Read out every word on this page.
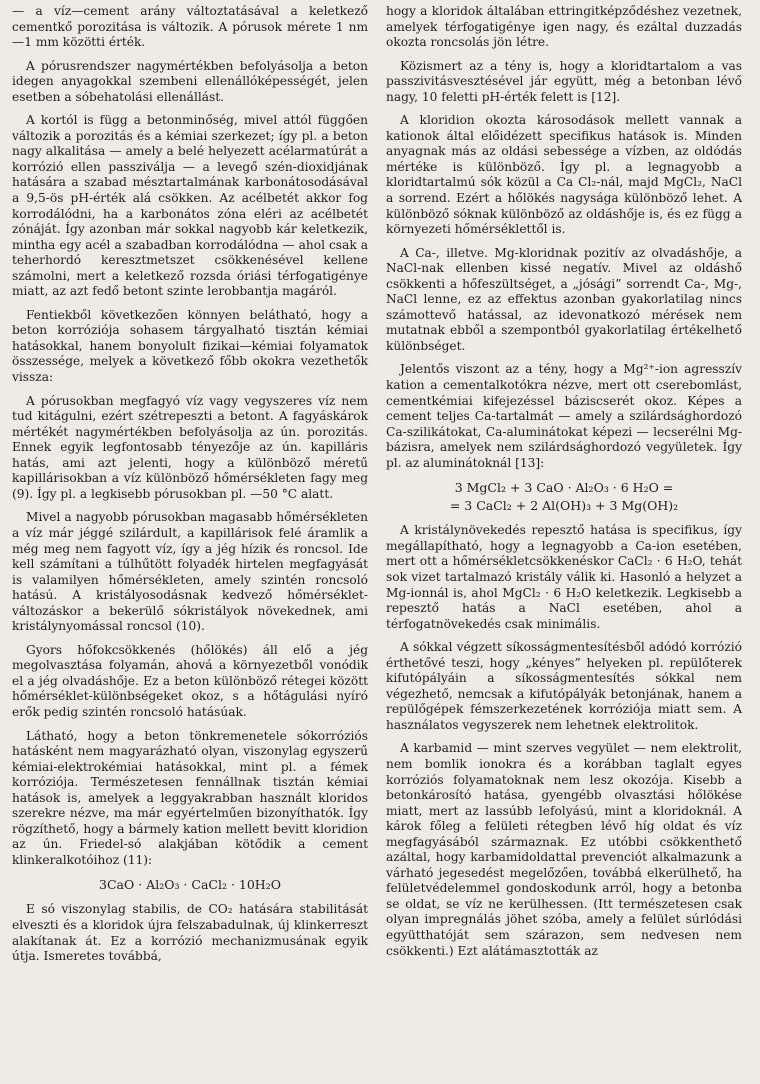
— a víz—cement arány változtatásával a keletkező cementkő porozitása is változik. A pórusok mérete 1 nm—1 mm közötti érték.

A pórusrendszer nagymértékben befolyásolja a beton idegen anyagokkal szembeni ellenállóképességét, jelen esetben a sóbehatolási ellenállást.

A kortól is függ a betonminőség, mivel attól függően változik a porozitás és a kémiai szerkezet; így pl. a beton nagy alkalitása — amely a belé helyezett acélarmatúrát a korrózió ellen passziválja — a levegő szén-dioxidjának hatására a szabad mésztartalmának karbonátosodásával a 9,5-ös pH-érték alá csökken. Az acélbetét akkor fog korrodálódni, ha a karbonátos zóna eléri az acélbetét zónáját. Így azonban már sokkal nagyobb kár keletkezik, mintha egy acél a szabadban korrodálódna — ahol csak a teherhordó keresztmetszet csökkenésével kellene számolni, mert a keletkező rozsda óriási térfogatigénye miatt, az azt fedő betont szinte lerobbantja magáról.

Fentiekből következően könnyen belátható, hogy a beton korróziója sohasem tárgyalható tisztán kémiai hatásokkal, hanem bonyolult fizikai—kémiai folyamatok összessége, melyek a következő főbb okokra vezethetők vissza:

A pórusokban megfagyó víz vagy vegyszeres víz nem tud kitágulni, ezért szétrepeszti a betont. A fagyáskárok mértékét nagymértékben befolyásolja az ún. porozitás. Ennek egyik legfontosabb tényezője az ún. kapilláris hatás, ami azt jelenti, hogy a különböző méretű kapillárisokban a víz különböző hőmérsékleten fagy meg (9). Így pl. a legkisebb pórusokban pl. —50 °C alatt.

Mivel a nagyobb pórusokban magasabb hőmérsékleten a víz már jéggé szilárdult, a kapillárisok felé áramlik a még meg nem fagyott víz, így a jég hízik és roncsol. Ide kell számítani a túlhűtött folyadék hirtelen megfagyását is valamilyen hőmérsékleten, amely szintén roncsoló hatású. A kristályosodásnak kedvező hőmérséklet-változáskor a bekerülő sókristályok növekednek, ami kristálynyomással roncsol (10).

Gyors hőfokcsökkenés (hőlökés) áll elő a jég megolvasztása folyamán, ahová a környezetből vonódik el a jég olvadáshője. Ez a beton különböző rétegei között hőmérséklet-különbségeket okoz, s a hőtágulási nyíró erők pedig szintén roncsoló hatásúak.

Látható, hogy a beton tönkremenetele sókorróziós hatásként nem magyarázható olyan, viszonylag egyszerű kémiai-elektrokémiai hatásokkal, mint pl. a fémek korróziója. Természetesen fennállnak tisztán kémiai hatások is, amelyek a leggyakrabban használt kloridos szerekre nézve, ma már egyértelműen bizonyíthatók. Így rögzíthető, hogy a bármely kation mellett bevitt kloridion az ún. Friedel-só alakjában kötődik a cement klinkeralkotóihoz (11):

3CaO · Al₂O₃ · CaCl₂ · 10H₂O

E só viszonylag stabilis, de CO₂ hatására stabilitását elveszti és a kloridok újra felszabadulnak, új klinkerreszt alakítanak át. Ez a korrózió mechanizmusának egyik útja. Ismeretes továbbá,

hogy a kloridok általában ettringitképződéshez vezetnek, amelyek térfogatigénye igen nagy, és ezáltal duzzadás okozta roncsolás jön létre.

Közismert az a tény is, hogy a kloridtartalom a vas passzivitásvesztésével jár együtt, még a betonban lévő nagy, 10 feletti pH-érték felett is [12].

A kloridion okozta károsodások mellett vannak a kationok által előidézett specifikus hatások is. Minden anyagnak más az oldási sebessége a vízben, az oldódás mértéke is különböző. Így pl. a legnagyobb a kloridtartalmú sók közül a Ca Cl₂-nál, majd MgCl₂, NaCl a sorrend. Ezért a hőlökés nagysága különböző lehet. A különböző sóknak különböző az oldáshője is, és ez függ a környezeti hőmérséklettől is.

A Ca-, illetve. Mg-kloridnak pozitív az olvadáshője, a NaCl-nak ellenben kissé negatív. Mivel az oldáshő csökkenti a hőfeszültséget, a „jósági” sorrendt Ca-, Mg-, NaCl lenne, ez az effektus azonban gyakorlatilag nincs számottevő hatással, az idevonatkozó mérések nem mutatnak ebből a szempontból gyakorlatilag értékelhető különbséget.

Jelentős viszont az a tény, hogy a Mg²⁺-ion agresszív kation a cementalkotókra nézve, mert ott cserebomlást, cementkémiai kifejezéssel báziscserét okoz. Képes a cement teljes Ca-tartalmát — amely a szilárdsághordozó Ca-szilikátokat, Ca-aluminátokat képezi — lecserélni Mg-bázisra, amelyek nem szilárdsághordozó vegyületek. Így pl. az aluminátoknál [13]:

3 MgCl₂ + 3 CaO · Al₂O₃ · 6 H₂O =
= 3 CaCl₂ + 2 Al(OH)₃ + 3 Mg(OH)₂

A kristálynövekedés repesztő hatása is specifikus, így megállapítható, hogy a legnagyobb a Ca-ion esetében, mert ott a hőmérsékletcsökkenéskor CaCl₂ · 6 H₂O, tehát sok vizet tartalmazó kristály válik ki. Hasonló a helyzet a Mg-ionnál is, ahol MgCl₂ · 6 H₂O keletkezik. Legkisebb a repesztő hatás a NaCl esetében, ahol a térfogatnövekedés csak minimális.

A sókkal végzett síkosságmentesítésből adódó korrózió érthetővé teszi, hogy „kényes” helyeken pl. repülőterek kifutópályáin a síkosságmentesítés sókkal nem végezhető, nemcsak a kifutópályák betonjának, hanem a repülőgépek fémszerkezetének korróziója miatt sem. A használatos vegyszerek nem lehetnek elektrolitok.

A karbamid — mint szerves vegyület — nem elektrolit, nem bomlik ionokra és a korábban taglalt egyes korróziós folyamatoknak nem lesz okozója. Kisebb a betonkárosító hatása, gyengébb olvasztási hőlökése miatt, mert az lassúbb lefolyású, mint a kloridoknál. A károk főleg a felületi rétegben lévő híg oldat és víz megfagyásából származnak. Ez utóbbi csökkenthető azáltal, hogy karbamidoldattal prevenciót alkalmazunk a várható jegesedést megelőzően, továbbá elkerülhető, ha felületvédelemmel gondoskodunk arról, hogy a betonba se oldat, se víz ne kerülhessen. (Itt természetesen csak olyan impregnálás jöhet szóba, amely a felület súrlódási együtthatóját sem szárazon, sem nedvesen nem csökkenti.) Ezt alátámasztották az
